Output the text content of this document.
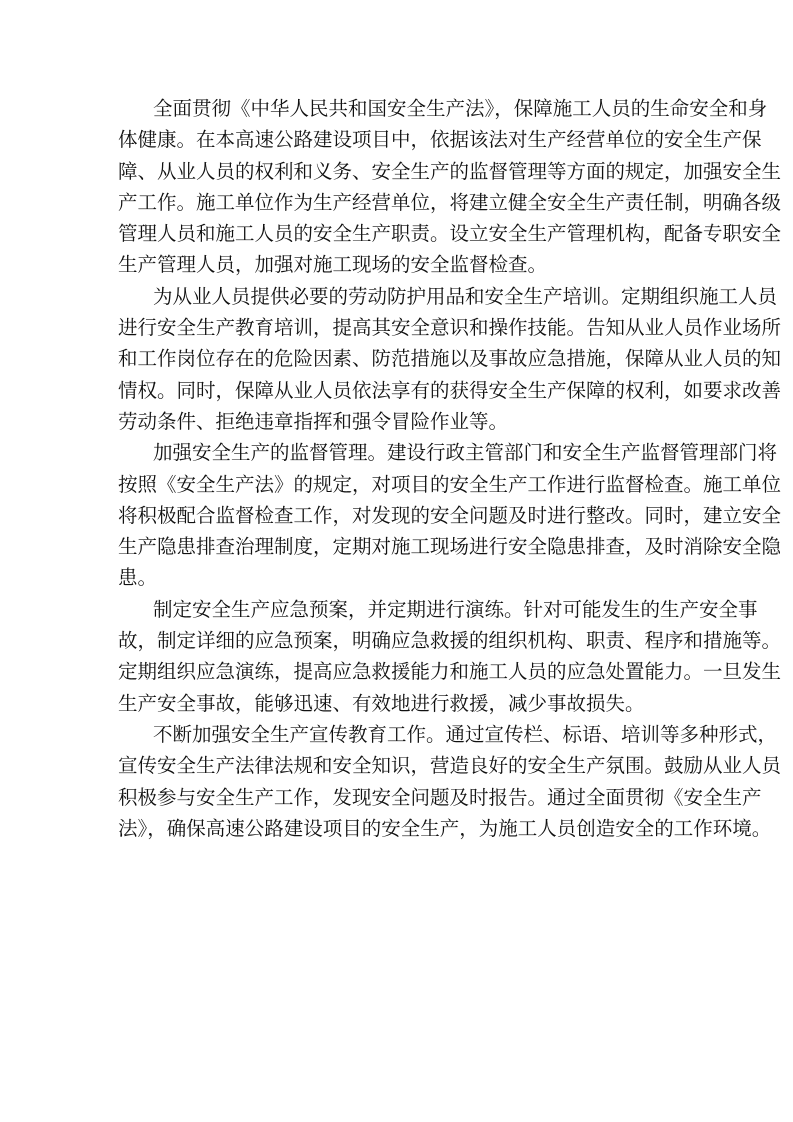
全面贯彻《中华人民共和国安全生产法》，保障施工人员的生命安全和身
体健康。在本高速公路建设项目中，依据该法对生产经营单位的安全生产保
障、从业人员的权利和义务、安全生产的监督管理等方面的规定，加强安全生
产工作。施工单位作为生产经营单位，将建立健全安全生产责任制，明确各级
管理人员和施工人员的安全生产职责。设立安全生产管理机构，配备专职安全
生产管理人员，加强对施工现场的安全监督检查。
为从业人员提供必要的劳动防护用品和安全生产培训。定期组织施工人员
进行安全生产教育培训，提高其安全意识和操作技能。告知从业人员作业场所
和工作岗位存在的危险因素、防范措施以及事故应急措施，保障从业人员的知
情权。同时，保障从业人员依法享有的获得安全生产保障的权利，如要求改善
劳动条件、拒绝违章指挥和强令冒险作业等。
加强安全生产的监督管理。建设行政主管部门和安全生产监督管理部门将
按照《安全生产法》的规定，对项目的安全生产工作进行监督检查。施工单位
将积极配合监督检查工作，对发现的安全问题及时进行整改。同时，建立安全
生产隐患排查治理制度，定期对施工现场进行安全隐患排查，及时消除安全隐
患。
制定安全生产应急预案，并定期进行演练。针对可能发生的生产安全事
故，制定详细的应急预案，明确应急救援的组织机构、职责、程序和措施等。
定期组织应急演练，提高应急救援能力和施工人员的应急处置能力。一旦发生
生产安全事故，能够迅速、有效地进行救援，减少事故损失。
不断加强安全生产宣传教育工作。通过宣传栏、标语、培训等多种形式，
宣传安全生产法律法规和安全知识，营造良好的安全生产氛围。鼓励从业人员
积极参与安全生产工作，发现安全问题及时报告。通过全面贯彻《安全生产
法》，确保高速公路建设项目的安全生产，为施工人员创造安全的工作环境。
